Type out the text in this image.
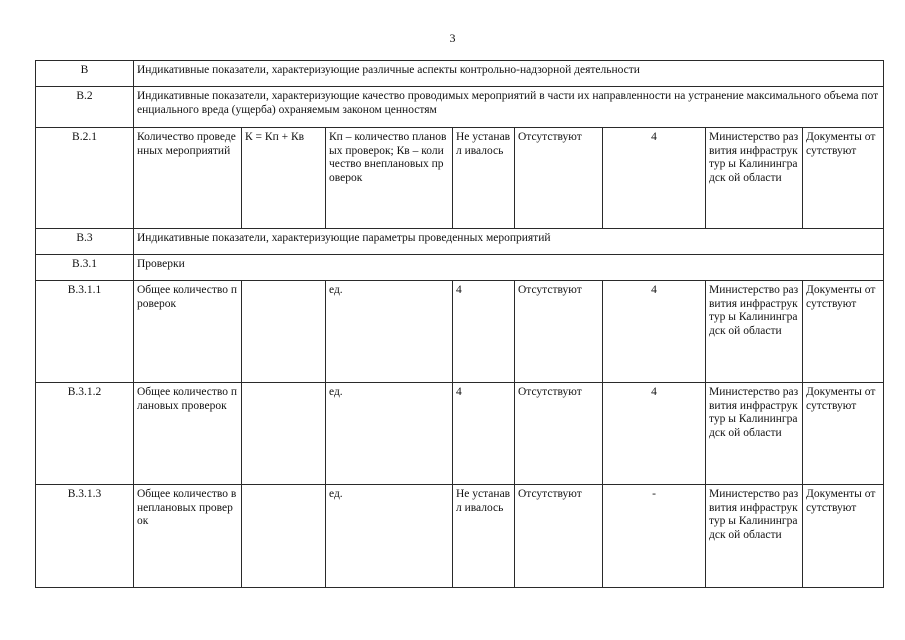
3
В	Индикативные показатели, характеризующие различные аспекты контрольно-надзорной деятельности							
В.2	Индикативные показатели, характеризующие качество проводимых мероприятий в части их направленности на устранение максимального объема потенциального вреда (ущерба) охраняемым законом ценностям							
В.2.1	Количество проведенных мероприятий	К = Кп + Кв	Кп – количество плановых проверок; Кв – количество внеплановых проверок	Не устанавл ивалось	Отсутствуют	4	Министерство развития инфраструктур ы Калининградск ой области	Документы отсутствуют
В.3	Индикативные показатели, характеризующие параметры проведенных мероприятий							
В.3.1	Проверки							
В.3.1.1	Общее количество проверок		ед.	4	Отсутствуют	4	Министерство развития инфраструктур ы Калининградск ой области	Документы отсутствуют
В.3.1.2	Общее количество плановых проверок		ед.	4	Отсутствуют	4	Министерство развития инфраструктур ы Калининградск ой области	Документы отсутствуют
В.3.1.3	Общее количество внеплановых проверок		ед.	Не устанавл ивалось	Отсутствуют	-	Министерство развития инфраструктур ы Калининградск ой области	Документы отсутствуют
